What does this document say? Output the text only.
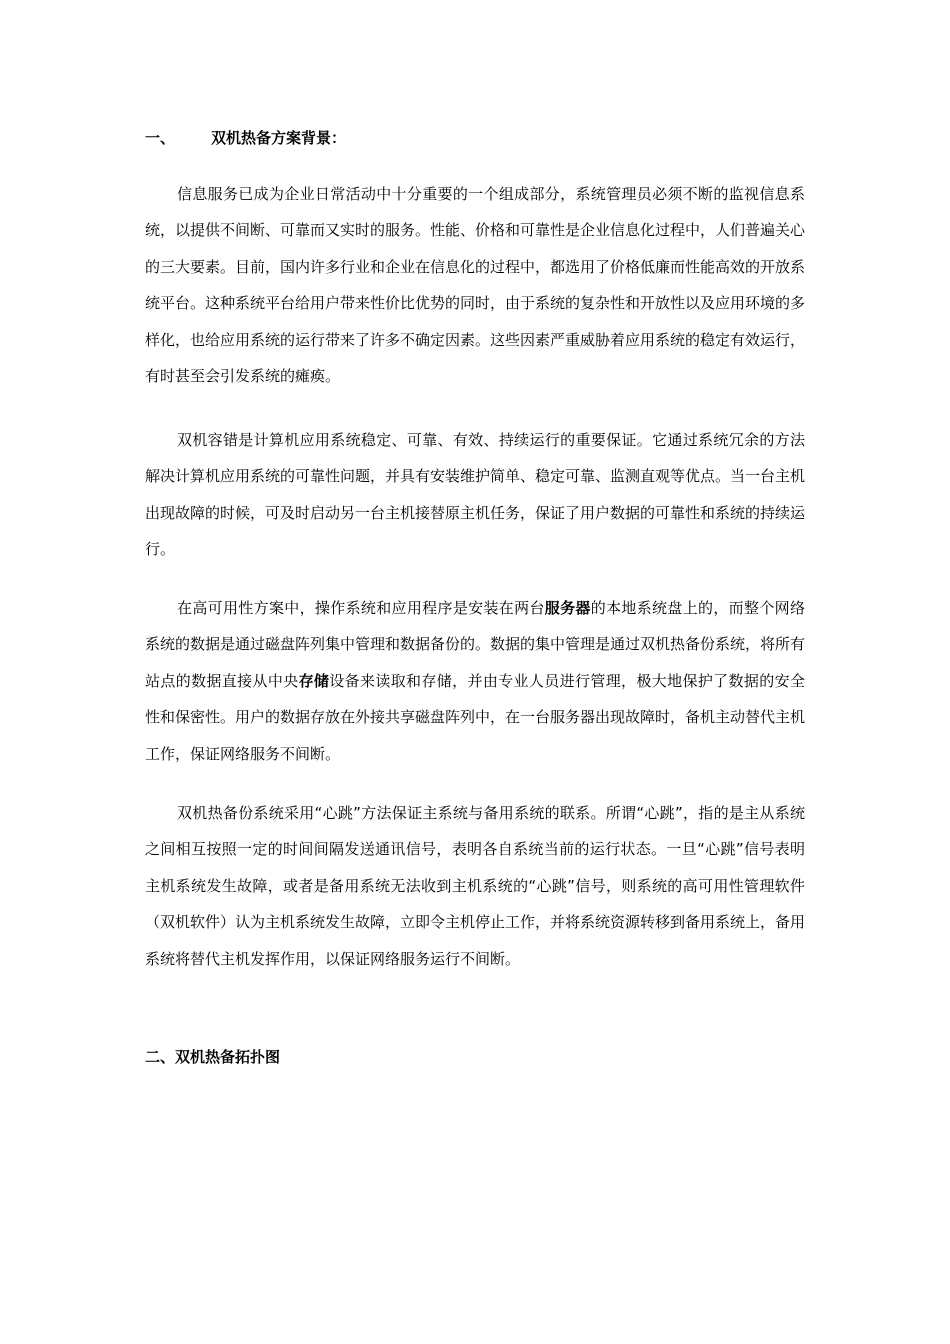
一、 双机热备方案背景：

信息服务已成为企业日常活动中十分重要的一个组成部分，系统管理员必须不断的监视信息系统，以提供不间断、可靠而又实时的服务。性能、价格和可靠性是企业信息化过程中，人们普遍关心的三大要素。目前，国内许多行业和企业在信息化的过程中，都选用了价格低廉而性能高效的开放系统平台。这种系统平台给用户带来性价比优势的同时，由于系统的复杂性和开放性以及应用环境的多样化，也给应用系统的运行带来了许多不确定因素。这些因素严重威胁着应用系统的稳定有效运行，有时甚至会引发系统的瘫痪。

双机容错是计算机应用系统稳定、可靠、有效、持续运行的重要保证。它通过系统冗余的方法解决计算机应用系统的可靠性问题，并具有安装维护简单、稳定可靠、监测直观等优点。当一台主机出现故障的时候，可及时启动另一台主机接替原主机任务，保证了用户数据的可靠性和系统的持续运行。

在高可用性方案中，操作系统和应用程序是安装在两台服务器的本地系统盘上的，而整个网络系统的数据是通过磁盘阵列集中管理和数据备份的。数据的集中管理是通过双机热备份系统，将所有站点的数据直接从中央存储设备来读取和存储，并由专业人员进行管理，极大地保护了数据的安全性和保密性。用户的数据存放在外接共享磁盘阵列中，在一台服务器出现故障时，备机主动替代主机工作，保证网络服务不间断。

双机热备份系统采用“心跳”方法保证主系统与备用系统的联系。所谓“心跳”，指的是主从系统之间相互按照一定的时间间隔发送通讯信号，表明各自系统当前的运行状态。一旦“心跳”信号表明主机系统发生故障，或者是备用系统无法收到主机系统的“心跳”信号，则系统的高可用性管理软件（双机软件）认为主机系统发生故障，立即令主机停止工作，并将系统资源转移到备用系统上，备用系统将替代主机发挥作用，以保证网络服务运行不间断。

二、双机热备拓扑图
